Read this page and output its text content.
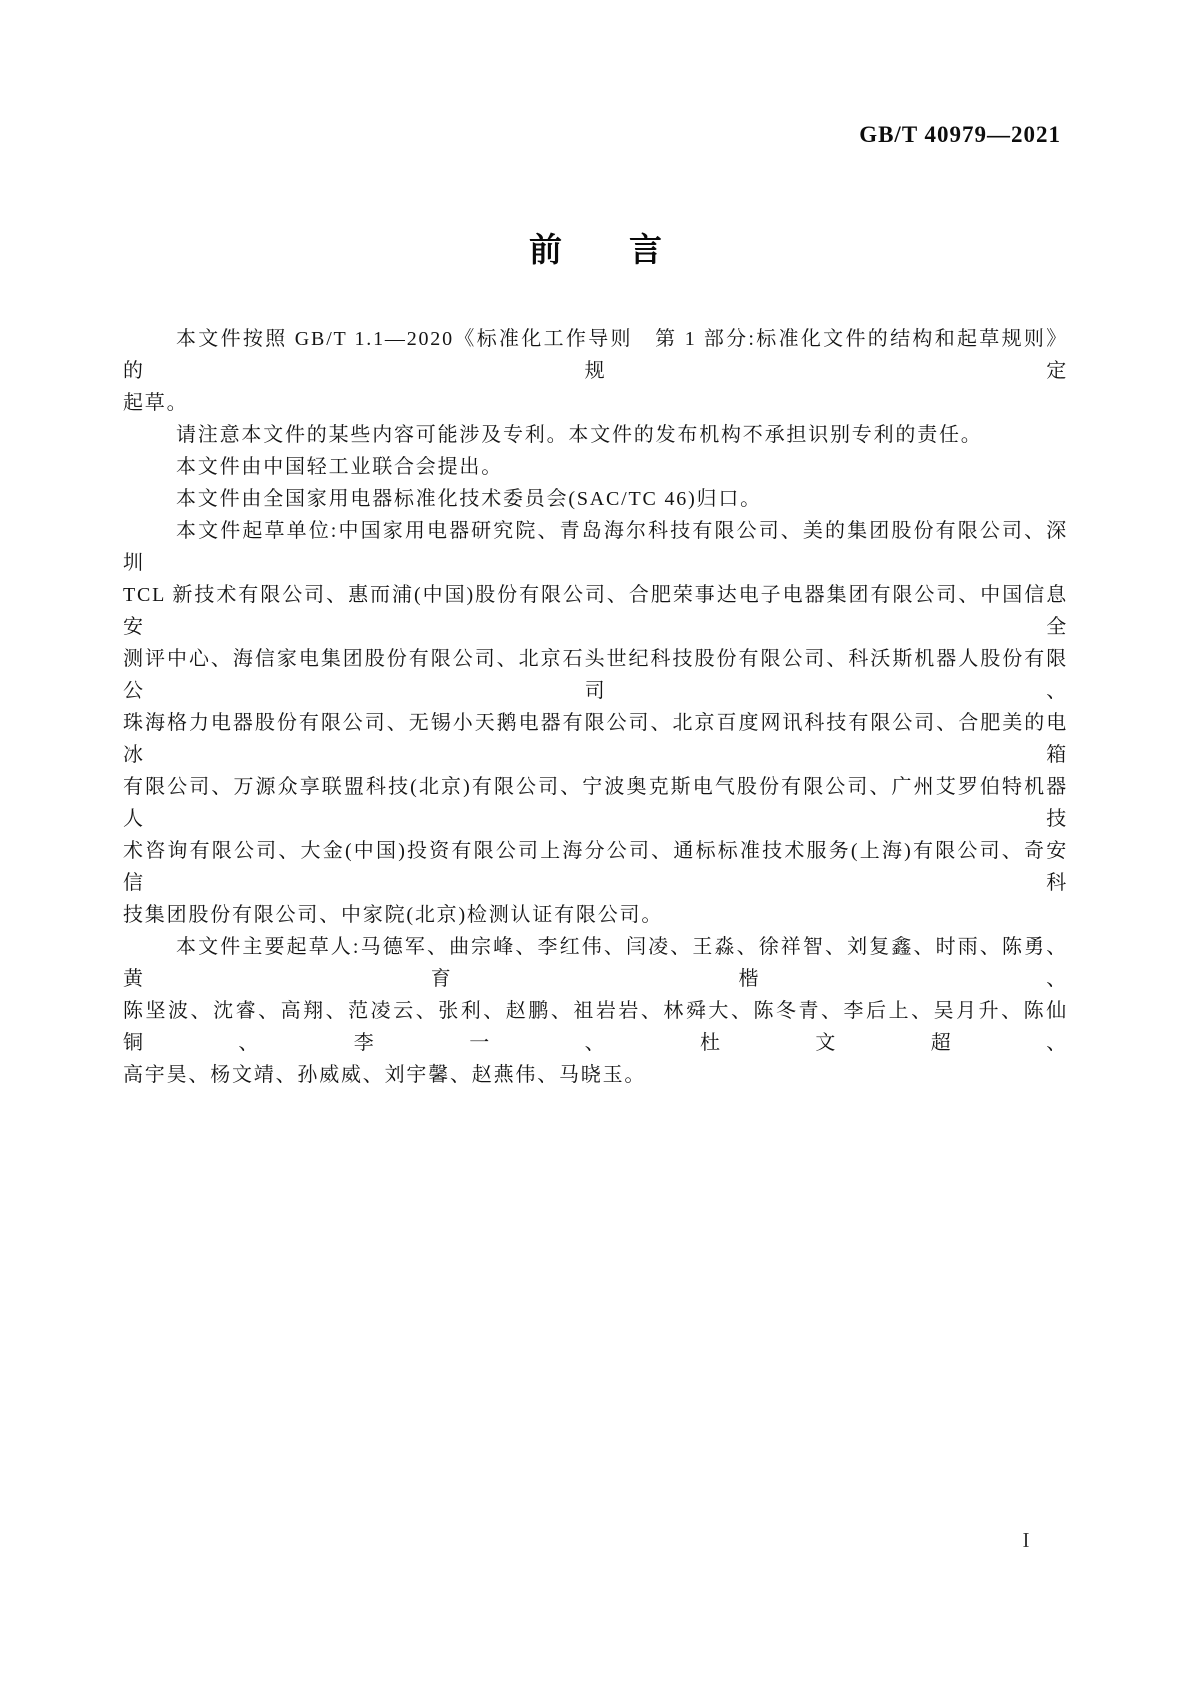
GB/T 40979—2021
前 言
本文件按照 GB/T 1.1—2020《标准化工作导则　第 1 部分:标准化文件的结构和起草规则》的规定
起草。
请注意本文件的某些内容可能涉及专利。本文件的发布机构不承担识别专利的责任。
本文件由中国轻工业联合会提出。
本文件由全国家用电器标准化技术委员会(SAC/TC 46)归口。
本文件起草单位:中国家用电器研究院、青岛海尔科技有限公司、美的集团股份有限公司、深圳
TCL 新技术有限公司、惠而浦(中国)股份有限公司、合肥荣事达电子电器集团有限公司、中国信息安全
测评中心、海信家电集团股份有限公司、北京石头世纪科技股份有限公司、科沃斯机器人股份有限公司、
珠海格力电器股份有限公司、无锡小天鹅电器有限公司、北京百度网讯科技有限公司、合肥美的电冰箱
有限公司、万源众享联盟科技(北京)有限公司、宁波奥克斯电气股份有限公司、广州艾罗伯特机器人技
术咨询有限公司、大金(中国)投资有限公司上海分公司、通标标准技术服务(上海)有限公司、奇安信科
技集团股份有限公司、中家院(北京)检测认证有限公司。
本文件主要起草人:马德军、曲宗峰、李红伟、闫凌、王淼、徐祥智、刘复鑫、时雨、陈勇、黄育楷、
陈坚波、沈睿、高翔、范凌云、张利、赵鹏、祖岩岩、林舜大、陈冬青、李后上、吴月升、陈仙铜、李一、杜文超、
高宇昊、杨文靖、孙威威、刘宇馨、赵燕伟、马晓玉。
I
